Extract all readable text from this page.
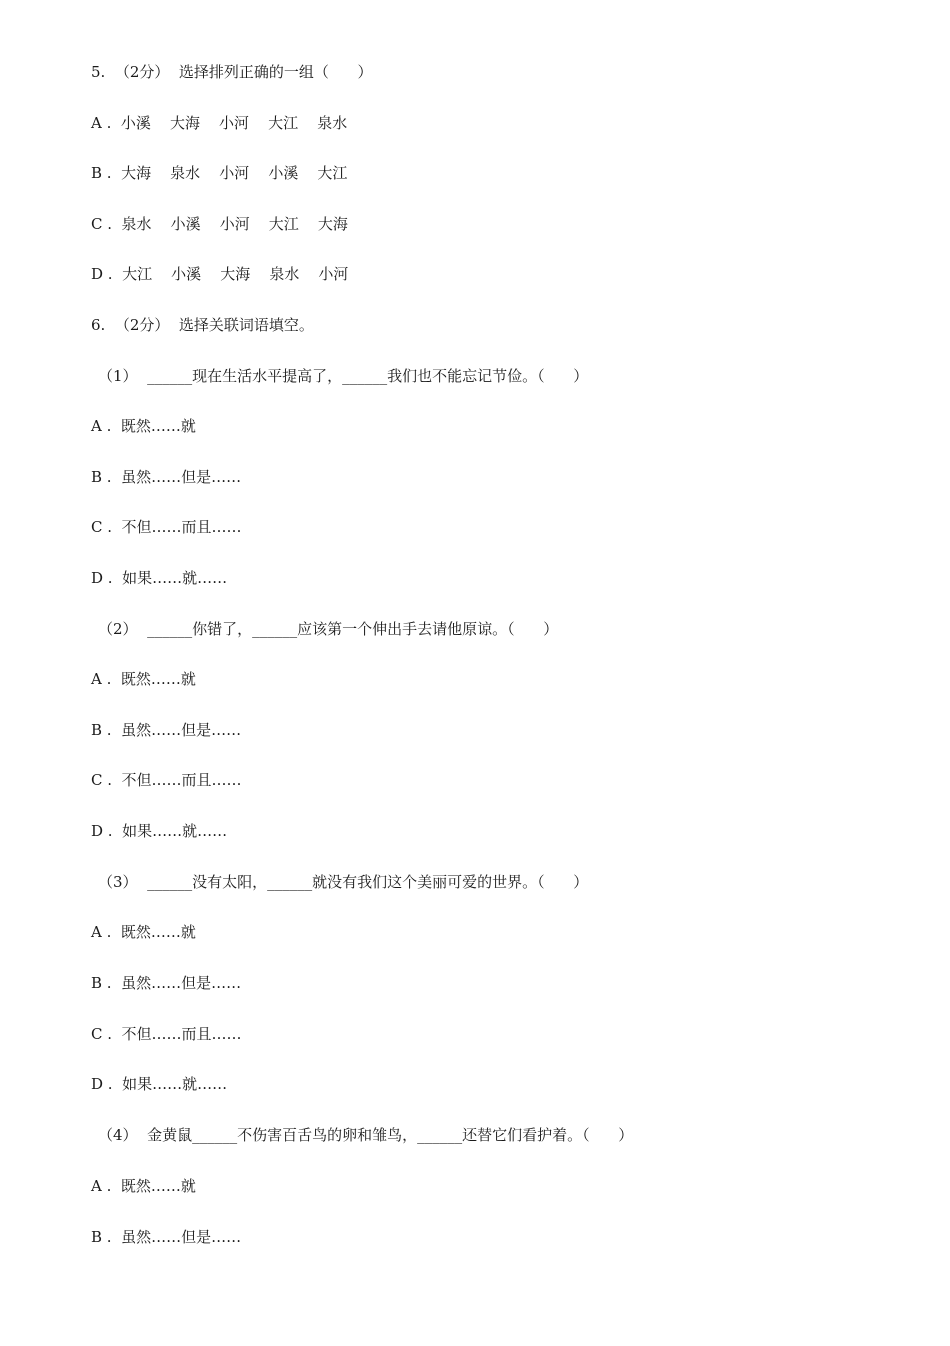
5.  （2分）  选择排列正确的一组（      ）
A .  小溪    大海    小河    大江    泉水
B .  大海    泉水    小河    小溪    大江
C .  泉水    小溪    小河    大江    大海
D .  大江    小溪    大海    泉水    小河
6.  （2分）  选择关联词语填空。
（1）  ______现在生活水平提高了，______我们也不能忘记节俭。（      ）
A .  既然……就
B .  虽然……但是……
C .  不但……而且……
D .  如果……就……
（2）  ______你错了，______应该第一个伸出手去请他原谅。（      ）
A .  既然……就
B .  虽然……但是……
C .  不但……而且……
D .  如果……就……
（3）  ______没有太阳，______就没有我们这个美丽可爱的世界。（      ）
A .  既然……就
B .  虽然……但是……
C .  不但……而且……
D .  如果……就……
（4）  金黄鼠______不伤害百舌鸟的卵和雏鸟，______还替它们看护着。（      ）
A .  既然……就
B .  虽然……但是……
